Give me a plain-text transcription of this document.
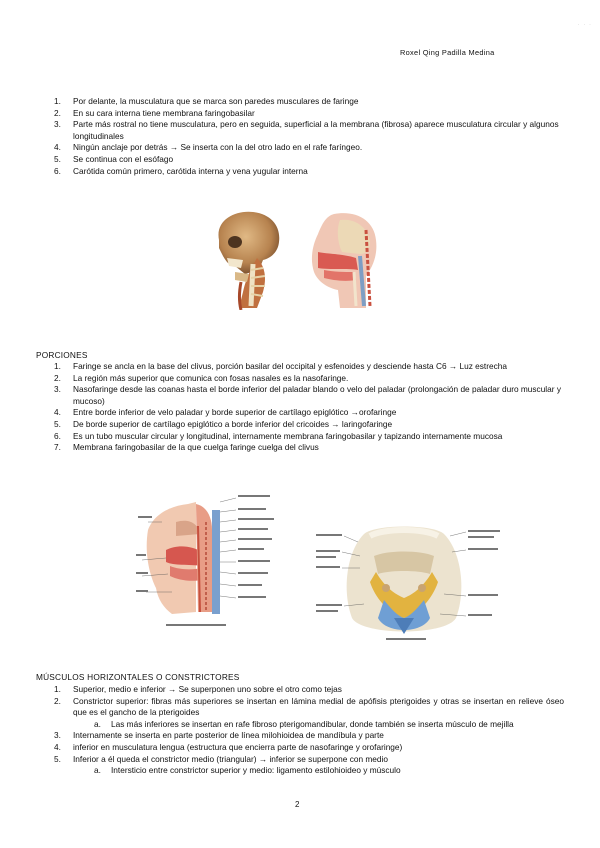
· · ·
Roxel Qing Padilla Medina
1. Por delante, la musculatura que se marca son paredes musculares de faringe
2. En su cara interna tiene membrana faringobasilar
3. Parte más rostral no tiene musculatura, pero en seguida, superficial a la membrana (fibrosa) aparece musculatura circular y algunos longitudinales
4. Ningún anclaje por detrás → Se inserta con la del otro lado en el rafe faríngeo.
5. Se continua con el esófago
6. Carótida común primero, carótida interna y vena yugular interna
PORCIONES
1. Faringe se ancla en la base del clivus, porción basilar del occipital y esfenoides y desciende hasta C6 → Luz estrecha
2. La región más superior que comunica con fosas nasales es la nasofaringe.
3. Nasofaringe desde las coanas hasta el borde inferior del paladar blando o velo del paladar (prolongación de paladar duro muscular y mucoso)
4. Entre borde inferior de velo paladar y borde superior de cartílago epiglótico →orofaringe
5. De borde superior de cartílago epiglótico a borde inferior del cricoides → laringofaringe
6. Es un tubo muscular circular y longitudinal, internamente membrana faringobasilar y tapizando internamente mucosa
7. Membrana faringobasilar de la que cuelga faringe cuelga del clivus
MÚSCULOS HORIZONTALES O CONSTRICTORES
1. Superior, medio e inferior → Se superponen uno sobre el otro como tejas
2. Constrictor superior: fibras más superiores se insertan en lámina medial de apófisis pterigoides y otras se insertan en relieve óseo que es el gancho de la pterigoides
a. Las más inferiores se insertan en rafe fibroso pterigomandibular, donde también se inserta músculo de mejilla
3. Internamente se inserta en parte posterior de línea milohioidea de mandíbula y parte
4. inferior en musculatura lengua (estructura que encierra parte de nasofaringe y orofaringe)
5. Inferior a él queda el constrictor medio (triangular) → inferior se superpone con medio
a. Intersticio entre constrictor superior y medio: ligamento estilohioideo y músculo
2
